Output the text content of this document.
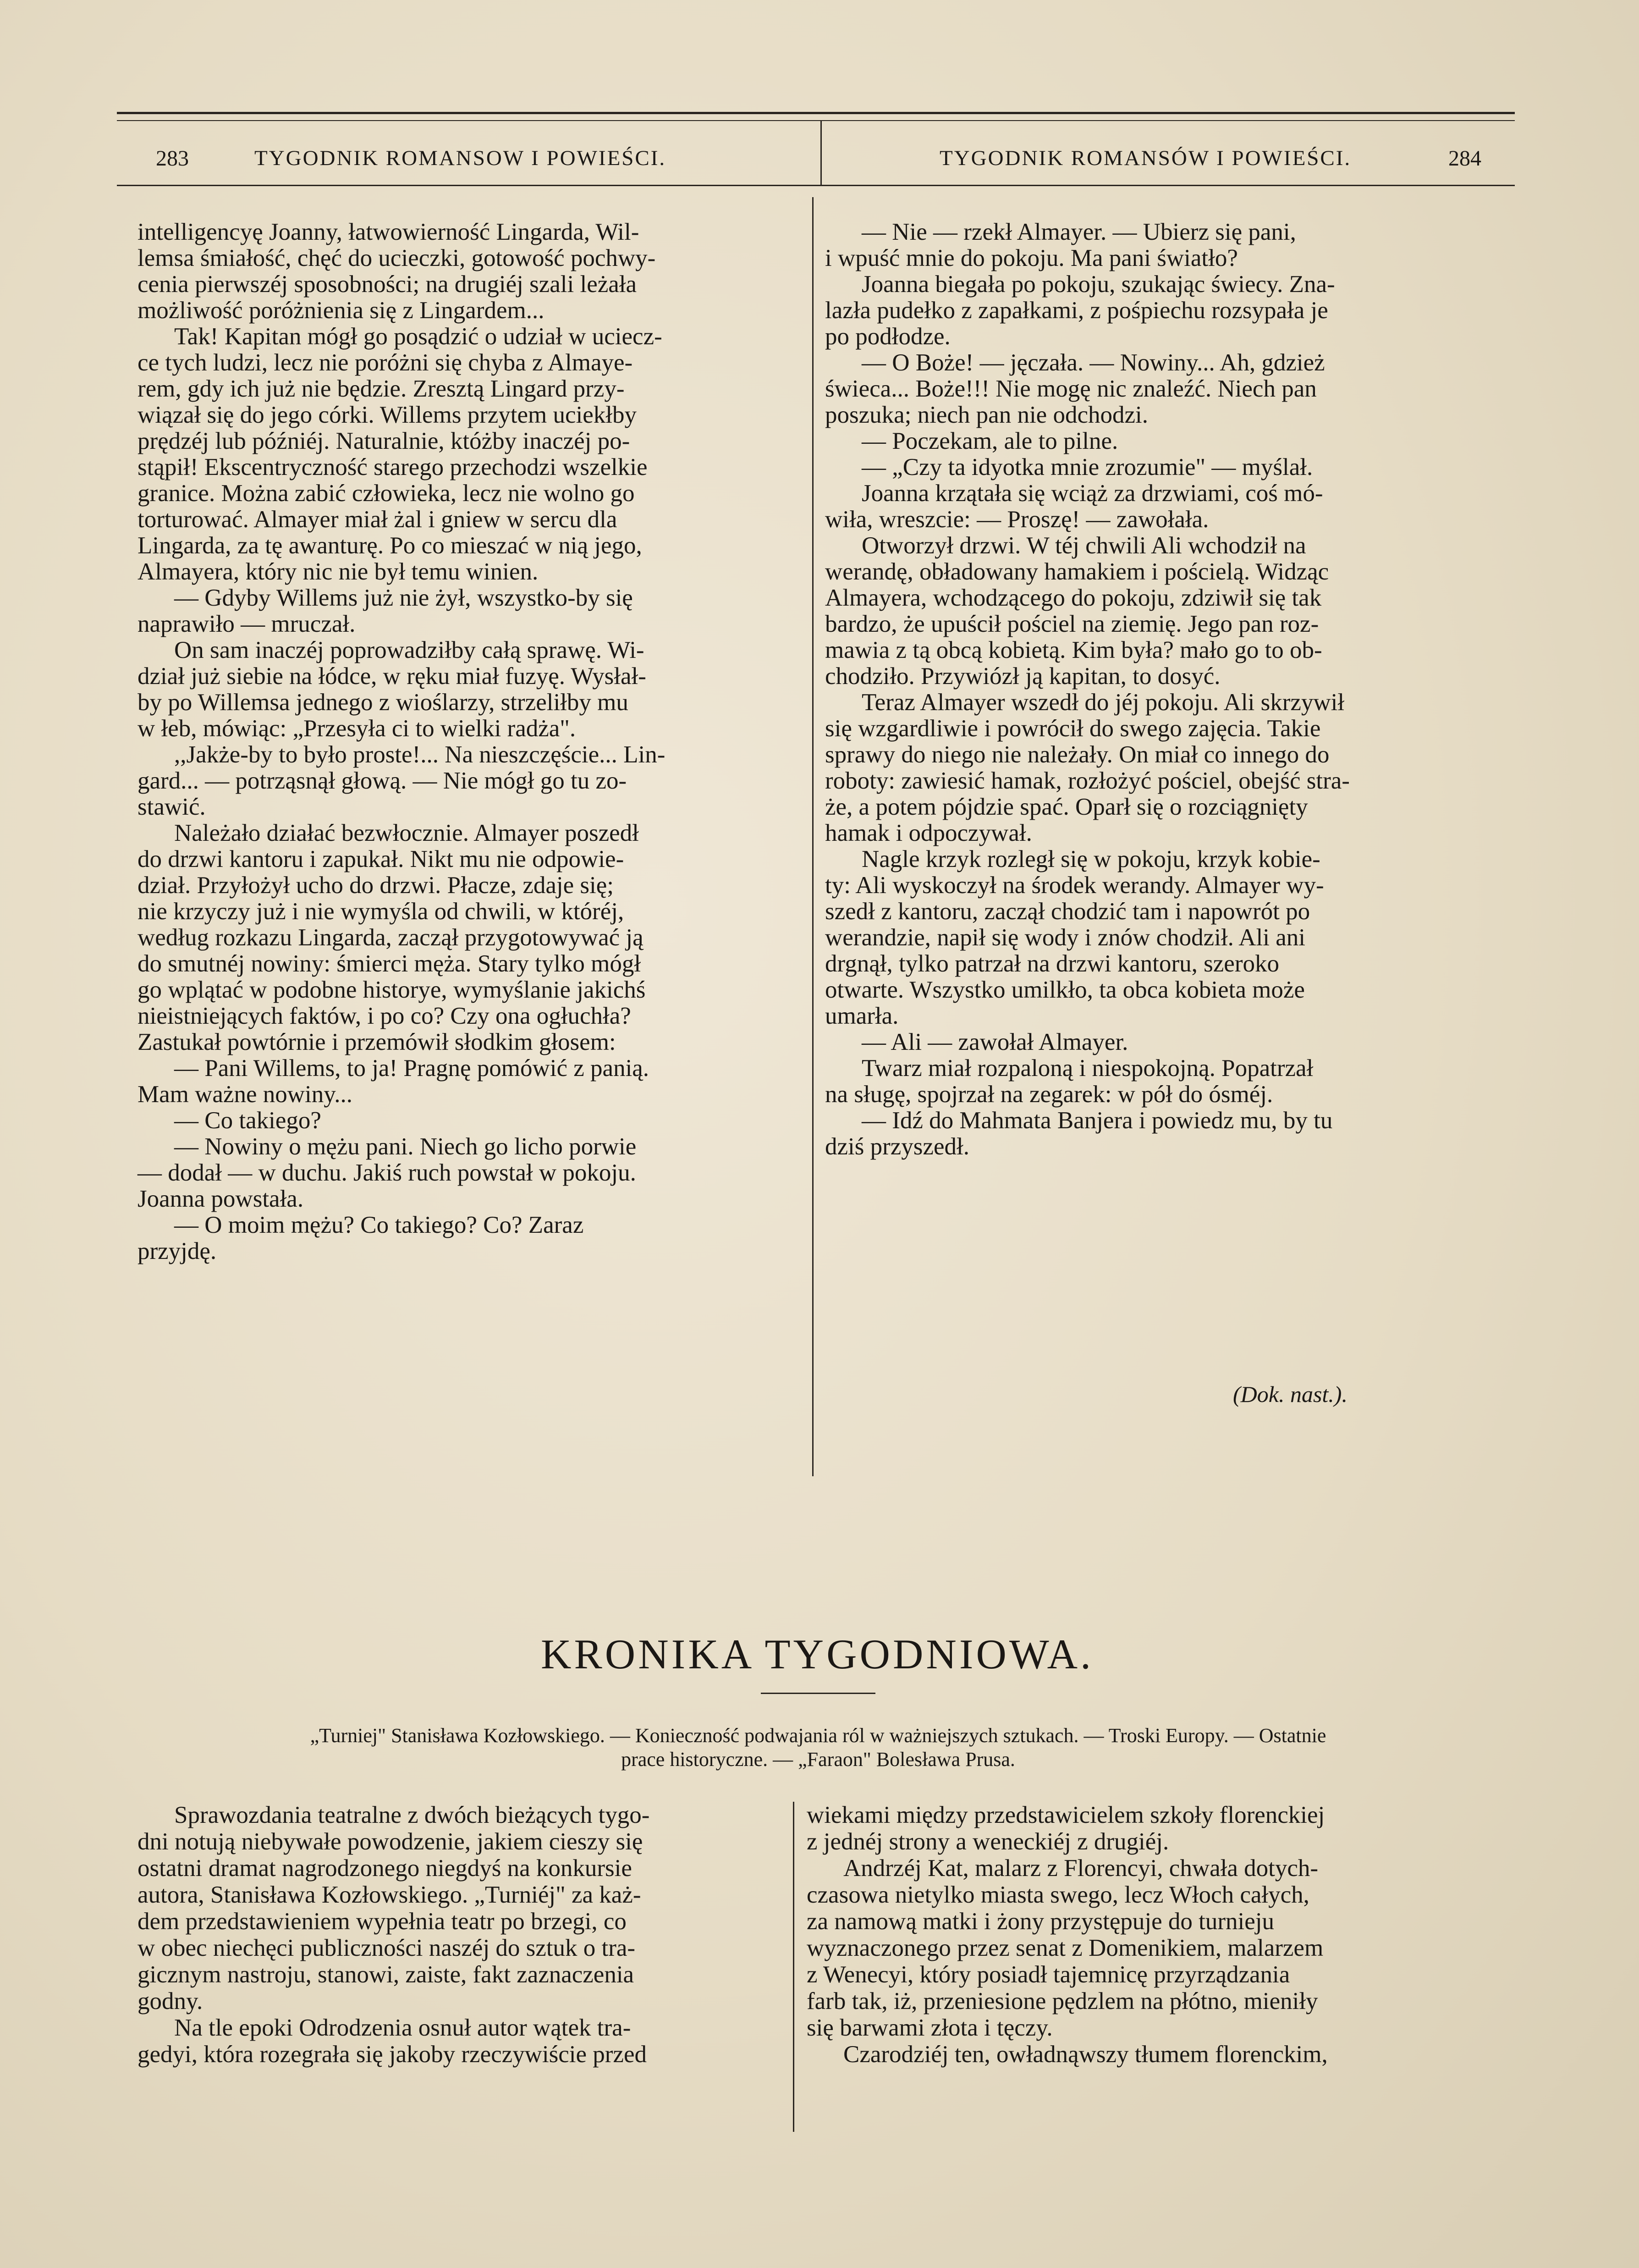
283	TYGODNIK ROMANSOW I POWIEŚCI.	TYGODNIK ROMANSÓW I POWIEŚCI.	284

intelligencyę Joanny, łatwowierność Lingarda, Wil-
lemsa śmiałość, chęć do ucieczki, gotowość pochwy-
cenia pierwszéj sposobności; na drugiéj szali leżała
możliwość poróżnienia się z Lingardem...

Tak! Kapitan mógł go posądzić o udział w uciecz-
ce tych ludzi, lecz nie poróżni się chyba z Almaye-
rem, gdy ich już nie będzie. Zresztą Lingard przy-
wiązał się do jego córki. Willems przytem uciekłby
prędzéj lub późniéj. Naturalnie, któżby inaczéj po-
stąpił! Ekscentryczność starego przechodzi wszelkie
granice. Można zabić człowieka, lecz nie wolno go
torturować. Almayer miał żal i gniew w sercu dla
Lingarda, za tę awanturę. Po co mieszać w nią jego,
Almayera, który nic nie był temu winien.

— Gdyby Willems już nie żył, wszystko-by się
naprawiło — mruczał.

On sam inaczéj poprowadziłby całą sprawę. Wi-
dział już siebie na łódce, w ręku miał fuzyę. Wysłał-
by po Willemsa jednego z wioślarzy, strzeliłby mu
w łeb, mówiąc: „Przesyła ci to wielki radża".

,,Jakże-by to było proste!... Na nieszczęście... Lin-
gard... — potrząsnął głową. — Nie mógł go tu zo-
stawić.

Należało działać bezwłocznie. Almayer poszedł
do drzwi kantoru i zapukał. Nikt mu nie odpowie-
dział. Przyłożył ucho do drzwi. Płacze, zdaje się;
nie krzyczy już i nie wymyśla od chwili, w któréj,
według rozkazu Lingarda, zaczął przygotowywać ją
do smutnéj nowiny: śmierci męża. Stary tylko mógł
go wplątać w podobne historye, wymyślanie jakichś
nieistniejących faktów, i po co? Czy ona ogłuchła?
Zastukał powtórnie i przemówił słodkim głosem:

— Pani Willems, to ja! Pragnę pomówić z panią.
Mam ważne nowiny...

— Co takiego?

— Nowiny o mężu pani. Niech go licho porwie
— dodał — w duchu. Jakiś ruch powstał w pokoju.
Joanna powstała.

— O moim mężu? Co takiego? Co? Zaraz
przyjdę.

— Nie — rzekł Almayer. — Ubierz się pani,
i wpuść mnie do pokoju. Ma pani światło?

Joanna biegała po pokoju, szukając świecy. Zna-
lazła pudełko z zapałkami, z pośpiechu rozsypała je
po podłodze.

— O Boże! — jęczała. — Nowiny... Ah, gdzież
świeca... Boże!!! Nie mogę nic znaleźć. Niech pan
poszuka; niech pan nie odchodzi.

— Poczekam, ale to pilne.

— „Czy ta idyotka mnie zrozumie" — myślał.

Joanna krzątała się wciąż za drzwiami, coś mó-
wiła, wreszcie: — Proszę! — zawołała.

Otworzył drzwi. W téj chwili Ali wchodził na
werandę, obładowany hamakiem i pościelą. Widząc
Almayera, wchodzącego do pokoju, zdziwił się tak
bardzo, że upuścił pościel na ziemię. Jego pan roz-
mawia z tą obcą kobietą. Kim była? mało go to ob-
chodziło. Przywiózł ją kapitan, to dosyć.

Teraz Almayer wszedł do jéj pokoju. Ali skrzywił
się wzgardliwie i powrócił do swego zajęcia. Takie
sprawy do niego nie należały. On miał co innego do
roboty: zawiesić hamak, rozłożyć pościel, obejść stra-
że, a potem pójdzie spać. Oparł się o rozciągnięty
hamak i odpoczywał.

Nagle krzyk rozległ się w pokoju, krzyk kobie-
ty: Ali wyskoczył na środek werandy. Almayer wy-
szedł z kantoru, zaczął chodzić tam i napowrót po
werandzie, napił się wody i znów chodził. Ali ani
drgnął, tylko patrzał na drzwi kantoru, szeroko
otwarte. Wszystko umilkło, ta obca kobieta może
umarła.

— Ali — zawołał Almayer.

Twarz miał rozpaloną i niespokojną. Popatrzał
na sługę, spojrzał na zegarek: w pół do ósméj.

— Idź do Mahmata Banjera i powiedz mu, by tu
dziś przyszedł.

(Dok. nast.).
KRONIKA TYGODNIOWA.
„Turniej" Stanisława Kozłowskiego. — Konieczność podwajania ról w ważniejszych sztukach. — Troski Europy. — Ostatnie
prace historyczne. — „Faraon" Bolesława Prusa.

Sprawozdania teatralne z dwóch bieżących tygo-
dni notują niebywałe powodzenie, jakiem cieszy się
ostatni dramat nagrodzonego niegdyś na konkursie
autora, Stanisława Kozłowskiego. „Turniéj" za każ-
dem przedstawieniem wypełnia teatr po brzegi, co
w obec niechęci publiczności naszéj do sztuk o tra-
gicznym nastroju, stanowi, zaiste, fakt zaznaczenia
godny.

Na tle epoki Odrodzenia osnuł autor wątek tra-
gedyi, która rozegrała się jakoby rzeczywiście przed

wiekami między przedstawicielem szkoły florenckiej
z jednéj strony a weneckiéj z drugiéj.

Andrzéj Kat, malarz z Florencyi, chwała dotych-
czasowa nietylko miasta swego, lecz Włoch całych,
za namową matki i żony przystępuje do turnieju
wyznaczonego przez senat z Domenikiem, malarzem
z Wenecyi, który posiadł tajemnicę przyrządzania
farb tak, iż, przeniesione pędzlem na płótno, mieniły
się barwami złota i tęczy.

Czarodziéj ten, owładnąwszy tłumem florenckim,
